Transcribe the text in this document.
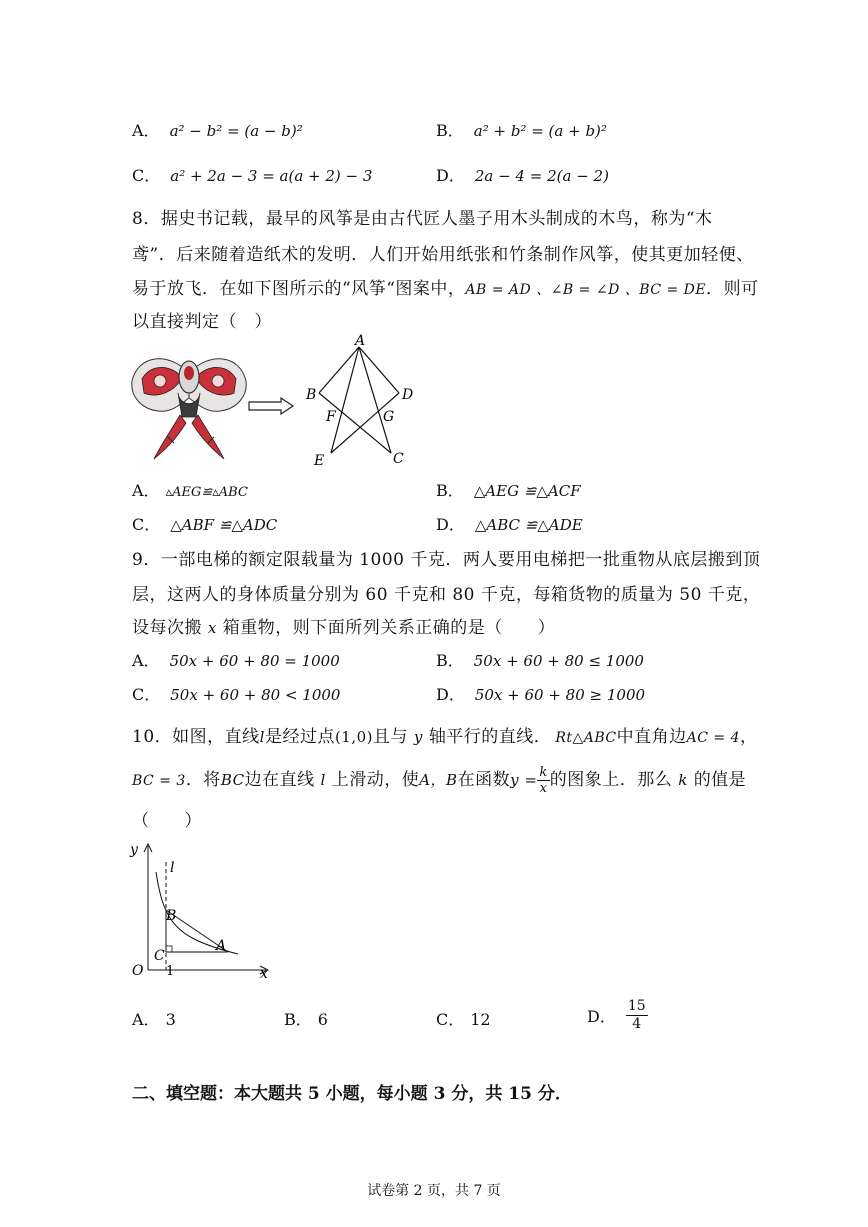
A． a² − b² = (a − b)²	B． a² + b² = (a + b)²
C． a² + 2a − 3 = a(a + 2) − 3	D． 2a − 4 = 2(a − 2)
8．据史书记载，最早的风筝是由古代匠人墨子用木头制成的木鸟，称为“木
鸢”．后来随着造纸术的发明．人们开始用纸张和竹条制作风筝，使其更加轻便、
易于放飞．在如下图所示的“风筝“图案中，AB = AD 、∠B = ∠D 、BC = DE．则可
以直接判定（　）
A
B	D
F	G
E	C
A． ▵AEG≌▵ABC	B． △AEG ≌△ACF
C． △ABF ≌△ADC	D． △ABC ≌△ADE
9．一部电梯的额定限载量为 1000 千克．两人要用电梯把一批重物从底层搬到顶
层，这两人的身体质量分别为 60 千克和 80 千克，每箱货物的质量为 50 千克，
设每次搬 x 箱重物，则下面所列关系正确的是（　　）
A． 50x + 60 + 80 = 1000	B． 50x + 60 + 80 ≤ 1000
C． 50x + 60 + 80 < 1000	D． 50x + 60 + 80 ≥ 1000
10．如图，直线l是经过点(1,0)且与 y 轴平行的直线． Rt△ABC中直角边AC = 4，
BC = 3．将BC边在直线 l 上滑动，使A，B在函数$y = \frac{k}{x}$ 的图象上．那么 k 的值是
（　　）
y
l
B
C
A
O 1	x
A． 3	B． 6	C． 12	D． $\frac{15}{4}$
二、填空题：本大题共 5 小题，每小题 3 分，共 15 分．
试卷第 2 页，共 7 页
